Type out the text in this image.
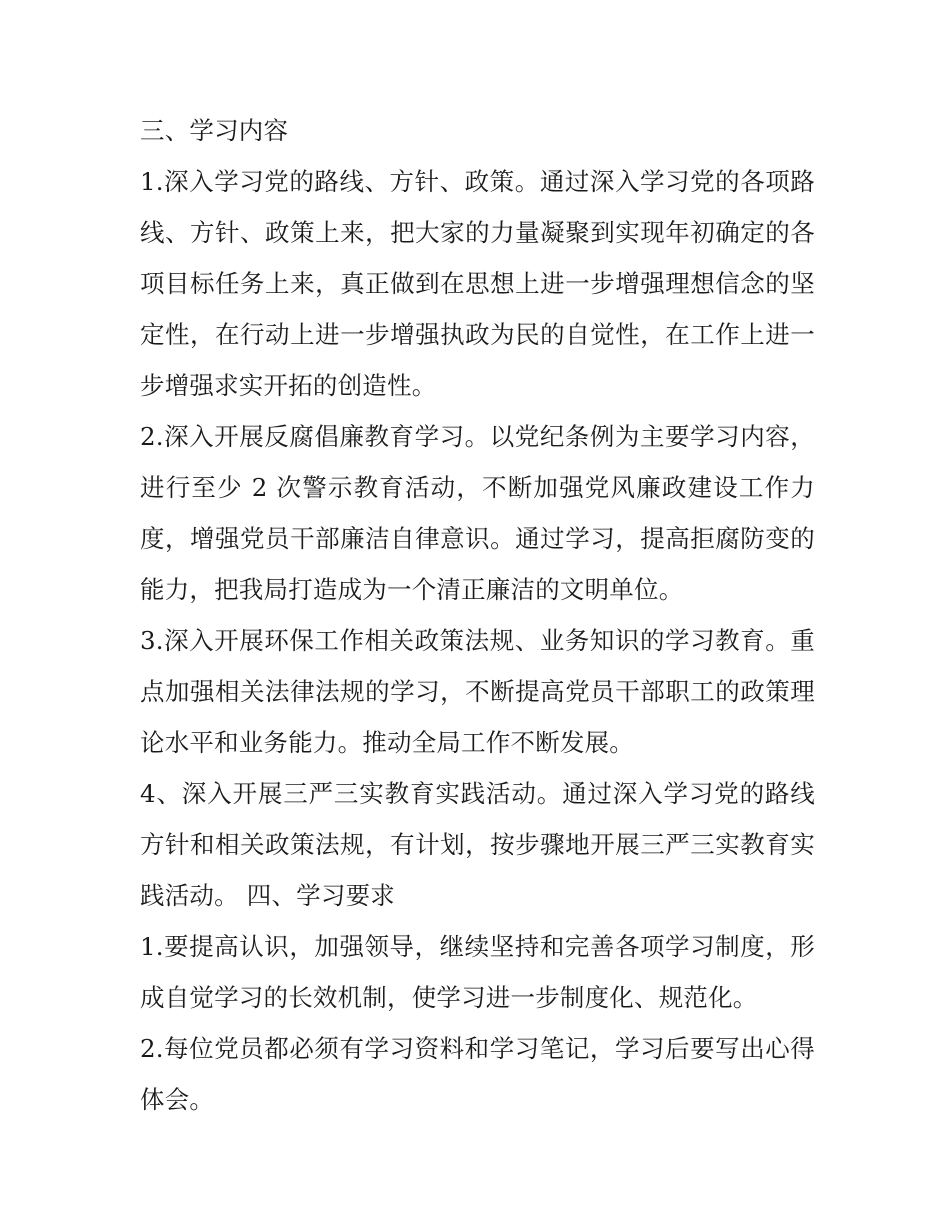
三、学习内容

1.深入学习党的路线、方针、政策。通过深入学习党的各项路线、方针、政策上来，把大家的力量凝聚到实现年初确定的各项目标任务上来，真正做到在思想上进一步增强理想信念的坚定性，在行动上进一步增强执政为民的自觉性，在工作上进一步增强求实开拓的创造性。

2.深入开展反腐倡廉教育学习。以党纪条例为主要学习内容，进行至少 2 次警示教育活动，不断加强党风廉政建设工作力度，增强党员干部廉洁自律意识。通过学习，提高拒腐防变的能力，把我局打造成为一个清正廉洁的文明单位。

3.深入开展环保工作相关政策法规、业务知识的学习教育。重点加强相关法律法规的学习，不断提高党员干部职工的政策理论水平和业务能力。推动全局工作不断发展。

4、深入开展三严三实教育实践活动。通过深入学习党的路线方针和相关政策法规，有计划，按步骤地开展三严三实教育实践活动。 四、学习要求

1.要提高认识，加强领导，继续坚持和完善各项学习制度，形成自觉学习的长效机制，使学习进一步制度化、规范化。

2.每位党员都必须有学习资料和学习笔记，学习后要写出心得体会。
